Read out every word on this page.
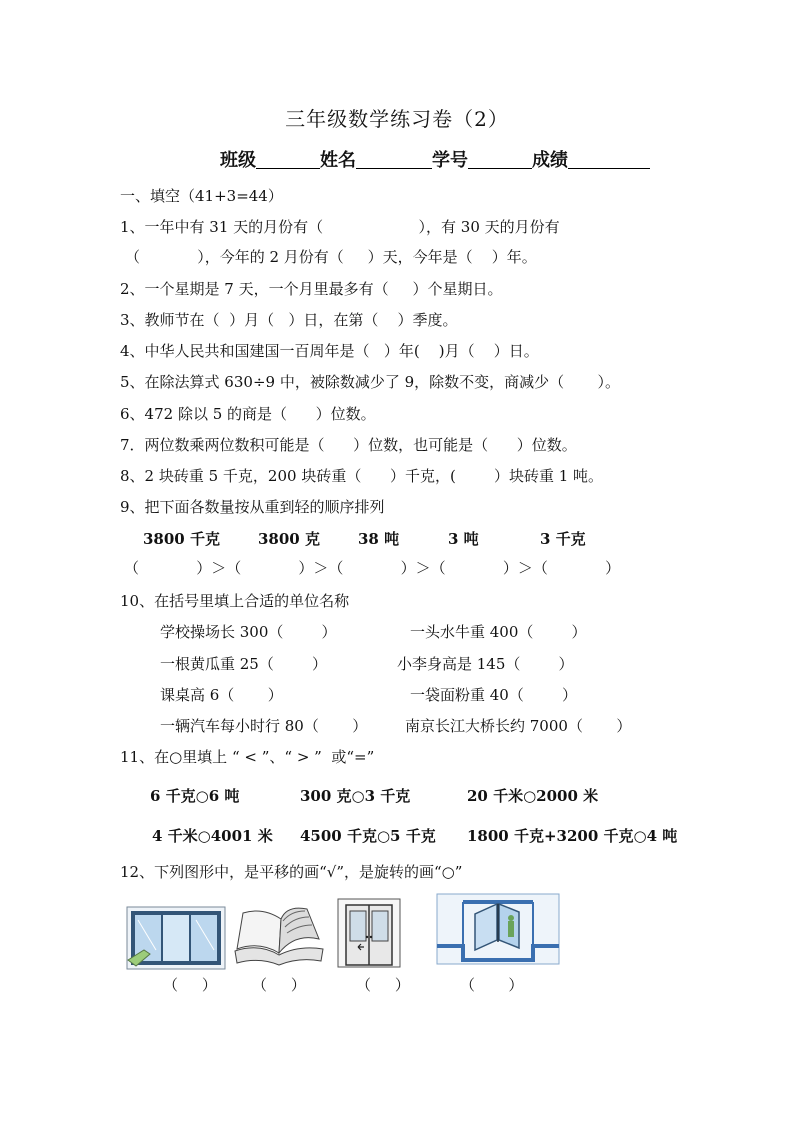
三年级数学练习卷（2）
班级	姓名	学号	成绩
一、填空（41+3=44）
1、一年中有 31 天的月份有（                    ），有 30 天的月份有
（            ），今年的 2 月份有（     ）天，今年是（    ）年。
2、一个星期是 7 天，一个月里最多有（     ）个星期日。
3、教师节在（  ）月（   ）日，在第（    ）季度。
4、中华人民共和国建国一百周年是（   ）年(    )月（    ）日。
5、在除法算式 630÷9 中，被除数减少了 9，除数不变，商减少（       ）。
6、472 除以 5 的商是（      ）位数。
7．两位数乘两位数积可能是（      ）位数，也可能是（      ）位数。
8、2 块砖重 5 千克，200 块砖重（      ）千克，(        ）块砖重 1 吨。
9、把下面各数量按从重到轻的顺序排列
3800 千克	3800 克	38 吨	3 吨	3 千克
（            ）＞（            ）＞（            ）＞（            ）＞（            ）
10、在括号里填上合适的单位名称
学校操场长 300（        ）	一头水牛重 400（        ）
一根黄瓜重 25（        ）	小李身高是 145（        ）
课桌高 6（       ）	一袋面粉重 40（        ）
一辆汽车每小时行 80（       ）	南京长江大桥长约 7000（       ）
11、在○里填上 “ < ”、“ > ”  或“=”
6 千克○6 吨	300 克○3 千克	20 千米○2000 米
4 千米○4001 米 4500 千克○5 千克 1800 千克+3200 千克○4 吨
12、下列图形中，是平移的画“√”，是旋转的画“○”
（     ） （     ）	（     ）	（       ）
